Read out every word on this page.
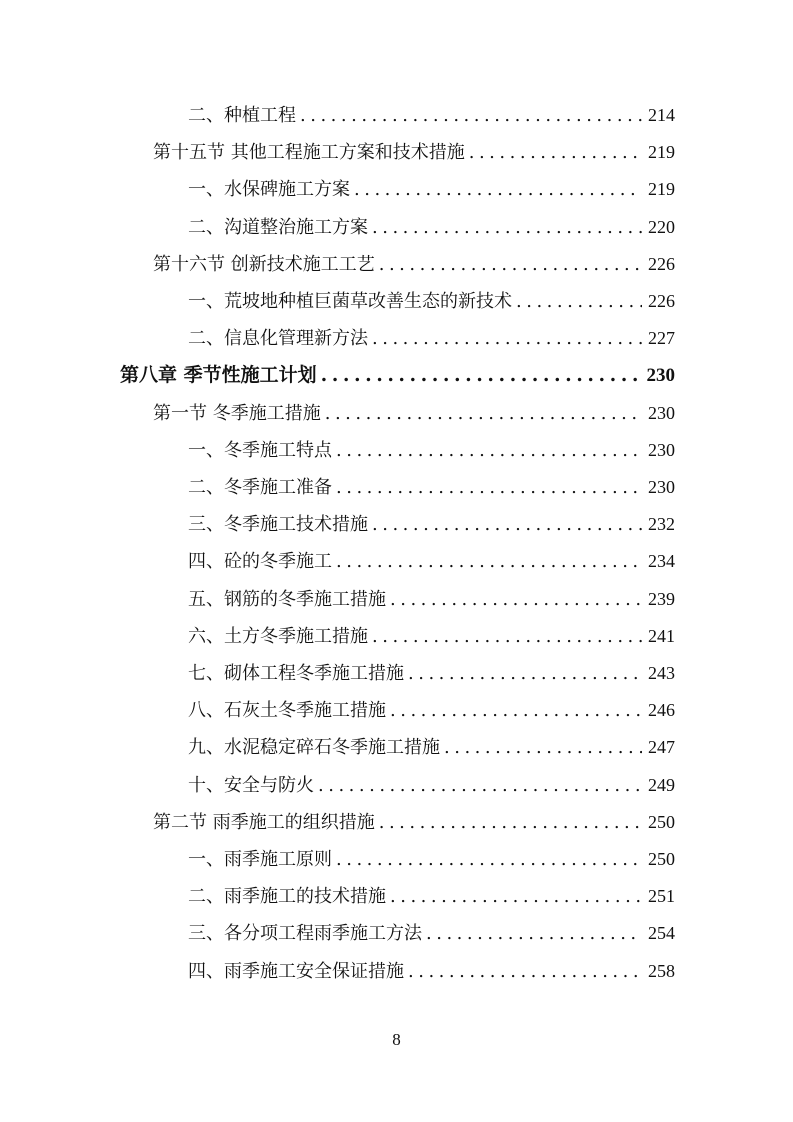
二、种植工程 .....	214
第十五节 其他工程施工方案和技术措施 .....	219
一、水保碑施工方案 .....	219
二、沟道整治施工方案 .....	220
第十六节 创新技术施工工艺 .....	226
一、荒坡地种植巨菌草改善生态的新技术 .....	226
二、信息化管理新方法 .....	227
第八章 季节性施工计划 .....	230
第一节 冬季施工措施 .....	230
一、冬季施工特点 .....	230
二、冬季施工准备 .....	230
三、冬季施工技术措施 .....	232
四、砼的冬季施工 .....	234
五、钢筋的冬季施工措施 .....	239
六、土方冬季施工措施 .....	241
七、砌体工程冬季施工措施 .....	243
八、石灰土冬季施工措施 .....	246
九、水泥稳定碎石冬季施工措施 .....	247
十、安全与防火 .....	249
第二节 雨季施工的组织措施 .....	250
一、雨季施工原则 .....	250
二、雨季施工的技术措施 .....	251
三、各分项工程雨季施工方法 .....	254
四、雨季施工安全保证措施 .....	258
8
